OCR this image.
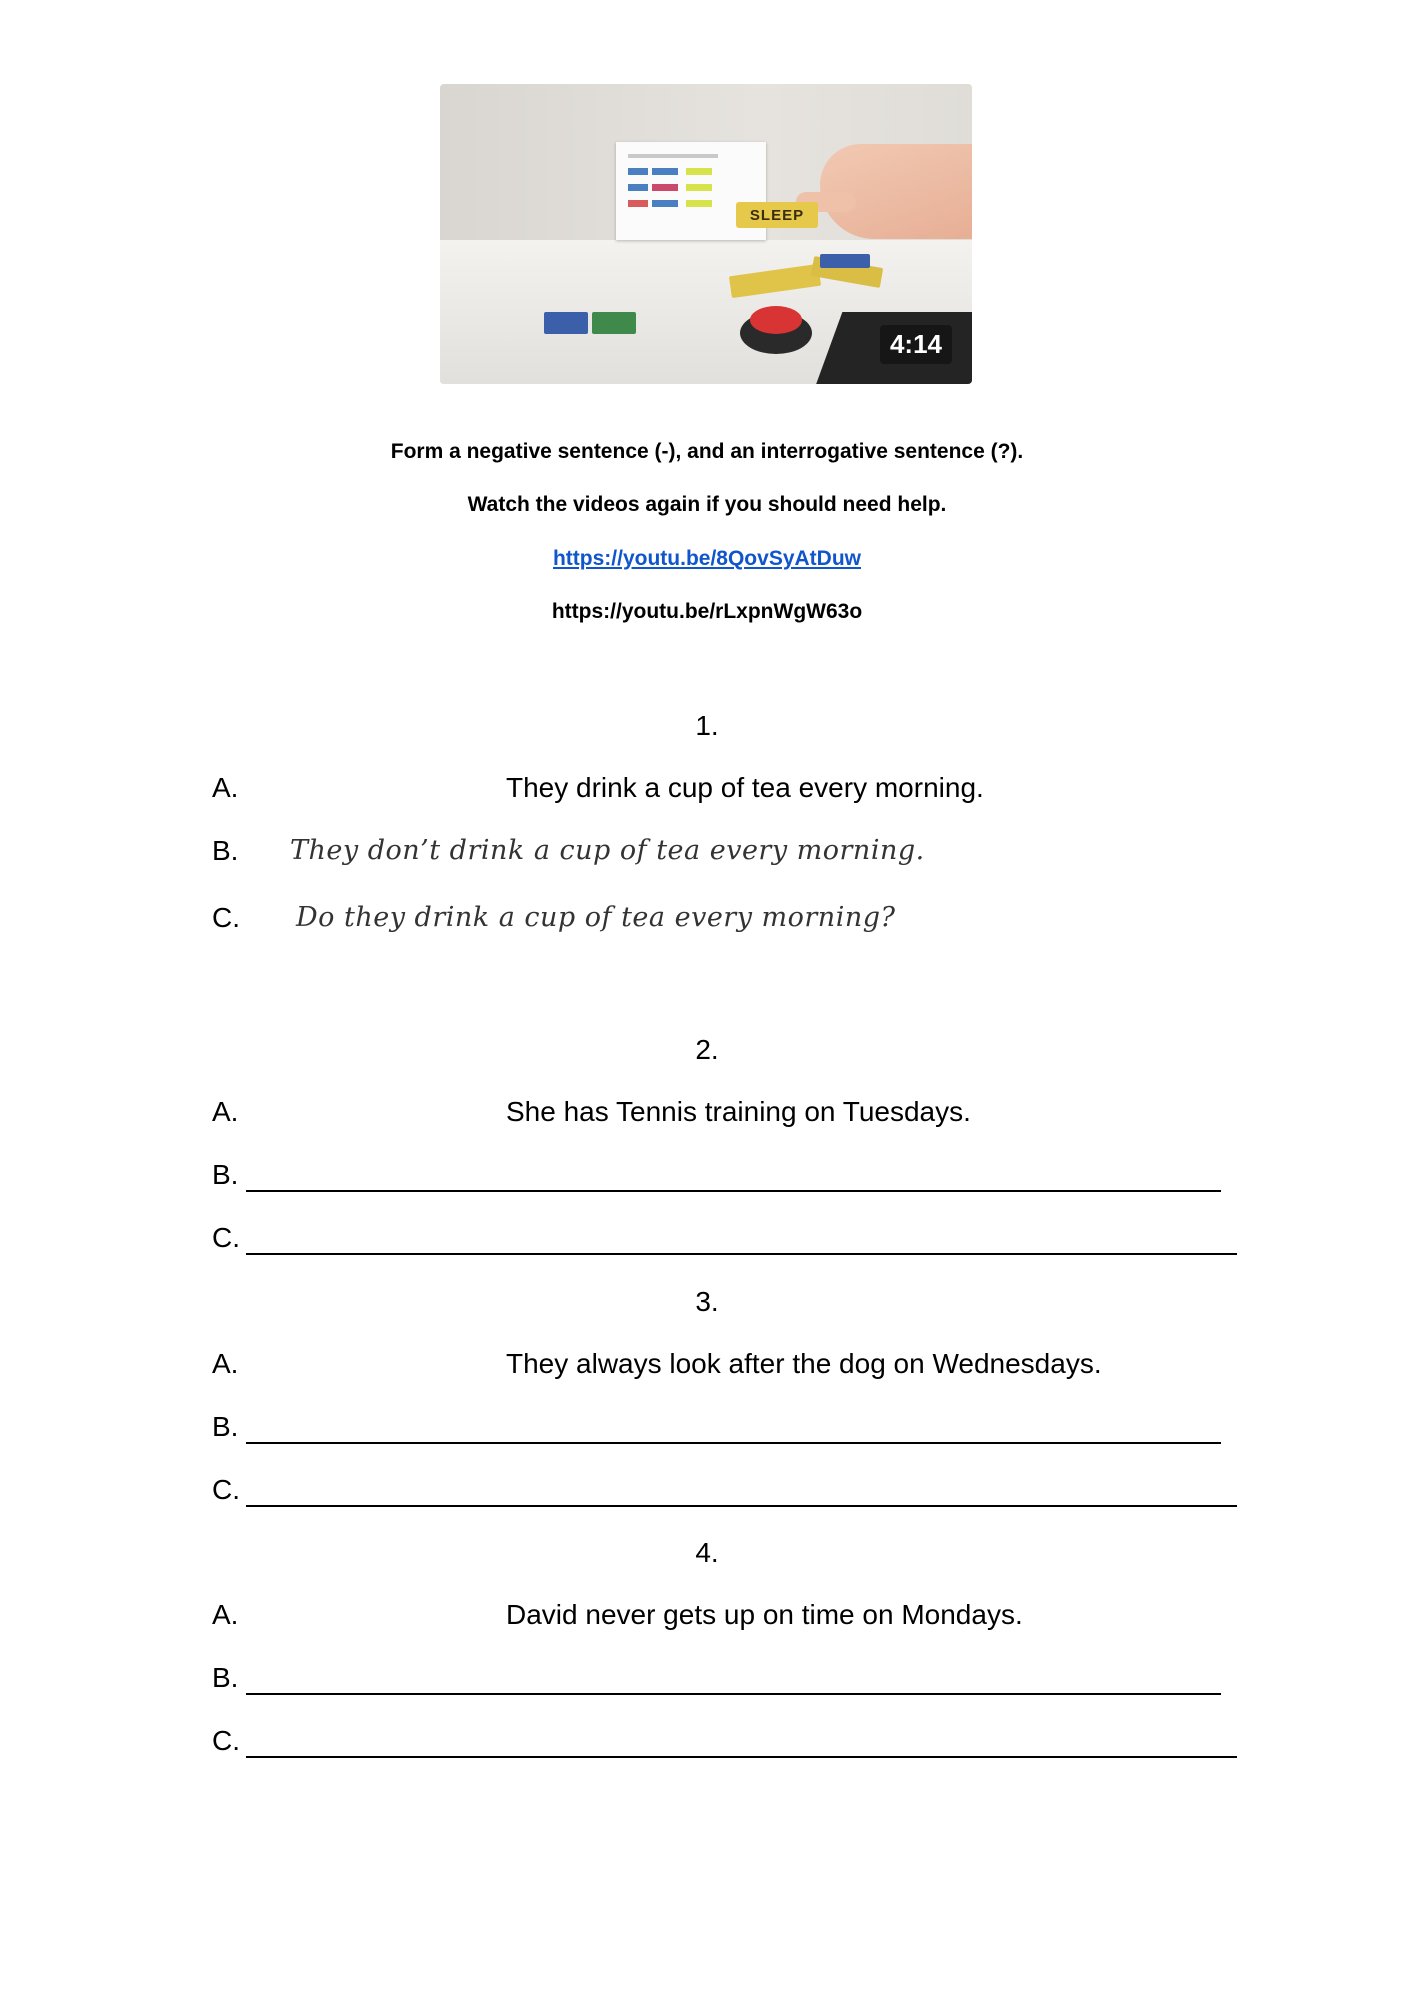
SLEEP
4:14
Form a negative sentence (-), and an interrogative sentence (?).
Watch the videos again if you should need help.
https://youtu.be/8QovSyAtDuw
https://youtu.be/rLxpnWgW63o
1.
A.	They drink a cup of tea every morning.
B. They don’t drink a cup of tea every morning.
C. Do they drink a cup of tea every morning?
2.
A.	She has Tennis training on Tuesdays.
B.
C.
3.
A.	They always look after the dog on Wednesdays.
B.
C.
4.
A.	David never gets up on time on Mondays.
B.
C.
